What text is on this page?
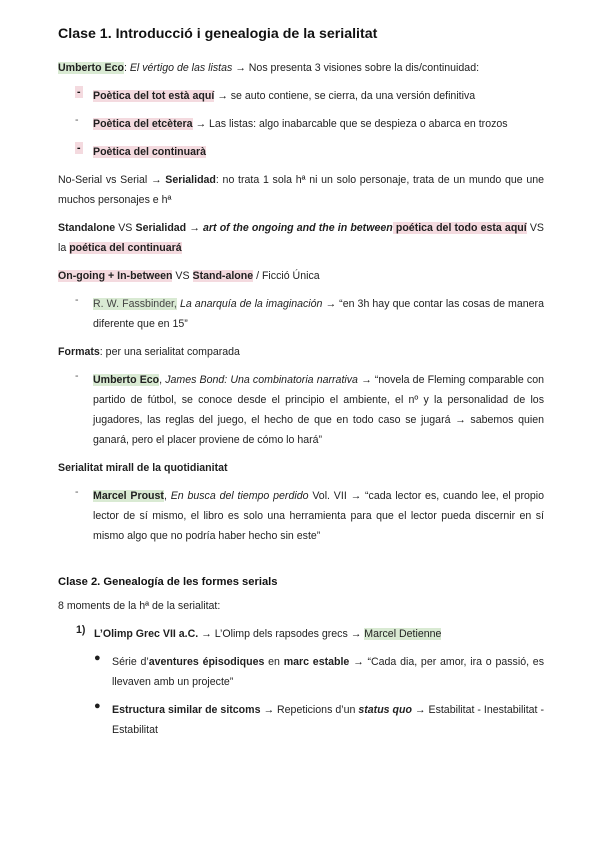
Clase 1. Introducció i genealogia de la serialitat

Umberto Eco: El vértigo de las listas → Nos presenta 3 visiones sobre la dis/continuidad:

-	Poètica del tot està aquí → se auto contiene, se cierra, da una versión definitiva
-	Poètica del etcètera → Las listas: algo inabarcable que se despieza o abarca en trozos
-	Poètica del continuarà

No-Serial vs Serial → Serialidad: no trata 1 sola hª ni un solo personaje, trata de un mundo que une muchos personajes e hª

Standalone VS Serialidad → art of the ongoing and the in between poética del todo esta aquí VS la poética del continuará

On-going + In-between VS Stand-alone / Ficció Única

-	R. W. Fassbinder, La anarquía de la imaginación → “en 3h hay que contar las cosas de manera diferente que en 15”

Formats: per una serialitat comparada

-	Umberto Eco, James Bond: Una combinatoria narrativa → “novela de Fleming comparable con partido de fútbol, se conoce desde el principio el ambiente, el nº y la personalidad de los jugadores, las reglas del juego, el hecho de que en todo caso se jugará → sabemos quien ganará, pero el placer proviene de cómo lo hará”

Serialitat mirall de la quotidianitat

-	Marcel Proust, En busca del tiempo perdido Vol. VII → “cada lector es, cuando lee, el propio lector de sí mismo, el libro es solo una herramienta para que el lector pueda discernir en sí mismo algo que no podría haber hecho sin este”
Clase 2. Genealogía de les formes serials

8 moments de la hª de la serialitat:

1) L’Olimp Grec VII a.C. → L’Olimp dels rapsodes grecs → Marcel Detienne
●	Série d’aventures épisodiques en marc estable → “Cada dia, per amor, ira o passió, es llevaven amb un projecte”
●	Estructura similar de sitcoms → Repeticions d’un status quo → Estabilitat - Inestabilitat - Estabilitat
